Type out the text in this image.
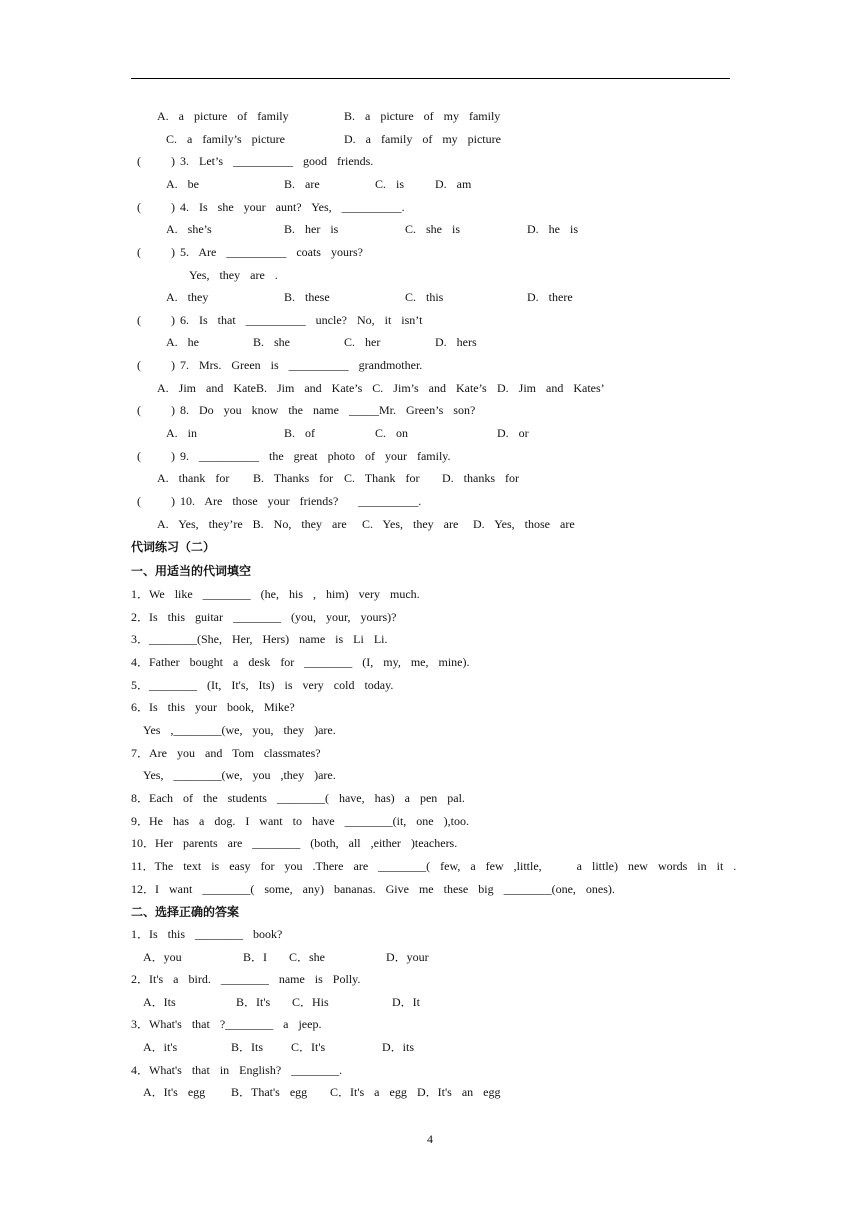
A.  a  picture  of  family	B.  a  picture  of  my  family
C.  a  family’s  picture	D.  a  family  of  my  picture
(      ) 3.  Let’s  __________  good  friends.
A.  be	B.  are	C.  is	D.  am
(      ) 4.  Is  she  your  aunt?  Yes,  __________.
A.  she’s	B.  her  is	C.  she  is	D.  he  is
(      ) 5.  Are  __________  coats  yours?
Yes,  they  are  .
A.  they	B.  these	C.  this	D.  there
(      ) 6.  Is  that  __________  uncle?  No,  it  isn’t
A.  he	B.  she	C.  her	D.  hers
(      ) 7.  Mrs.  Green  is  __________  grandmother.
A.  Jim  and  KateB.  Jim  and  Kate’s  C.  Jim’s  and  Kate’s D.  Jim  and  Kates’
(      ) 8.  Do  you  know  the  name  _____Mr.  Green’s  son?
A.  in	B.  of	C.  on	D.  or
(      ) 9.  __________  the  great  photo  of  your  family.
A.  thank  for B.  Thanks  for C.  Thank  for D.  thanks  for
(      ) 10.  Are  those  your  friends?    __________.
A.  Yes,  they’re  B.  No,  they  are C.  Yes,  they  are D.  Yes,  those  are
代词练习（二）
一、用适当的代词填空
1．We  like  ________  (he,  his  ,  him)  very  much.
2．Is  this  guitar  ________  (you,  your,  yours)?
3．________(She,  Her,  Hers)  name  is  Li  Li.
4．Father  bought  a  desk  for  ________  (I,  my,  me,  mine).
5．________  (It,  It's,  Its)  is  very  cold  today.
6．Is  this  your  book,  Mike?
Yes  ,________(we,  you,  they  )are.
7．Are  you  and  Tom  classmates?
Yes,  ________(we,  you  ,they  )are.
8．Each  of  the  students  ________(  have,  has)  a  pen  pal.
9．He  has  a  dog.  I  want  to  have  ________(it,  one  ),too.
10．Her  parents  are  ________  (both,  all  ,either  )teachers.
11．The  text  is  easy  for  you  .There  are  ________(  few,  a  few  ,little,       a  little)  new  words  in  it  .
12．I  want  ________(  some,  any)  bananas.  Give  me  these  big  ________(one,  ones).
二、选择正确的答案
1．Is  this  ________  book?
A．you	B．I C．she	D．your
2．It's  a  bird.  ________  name  is  Polly.
A．Its	B．It's C．His	D．It
3．What's  that  ?________  a  jeep.
A．it's	B．Its C．It's	D．its
4．What's  that  in  English?  ________.
A．It's  egg B．That's  egg C．It's  a  egg D．It's  an  egg
4
